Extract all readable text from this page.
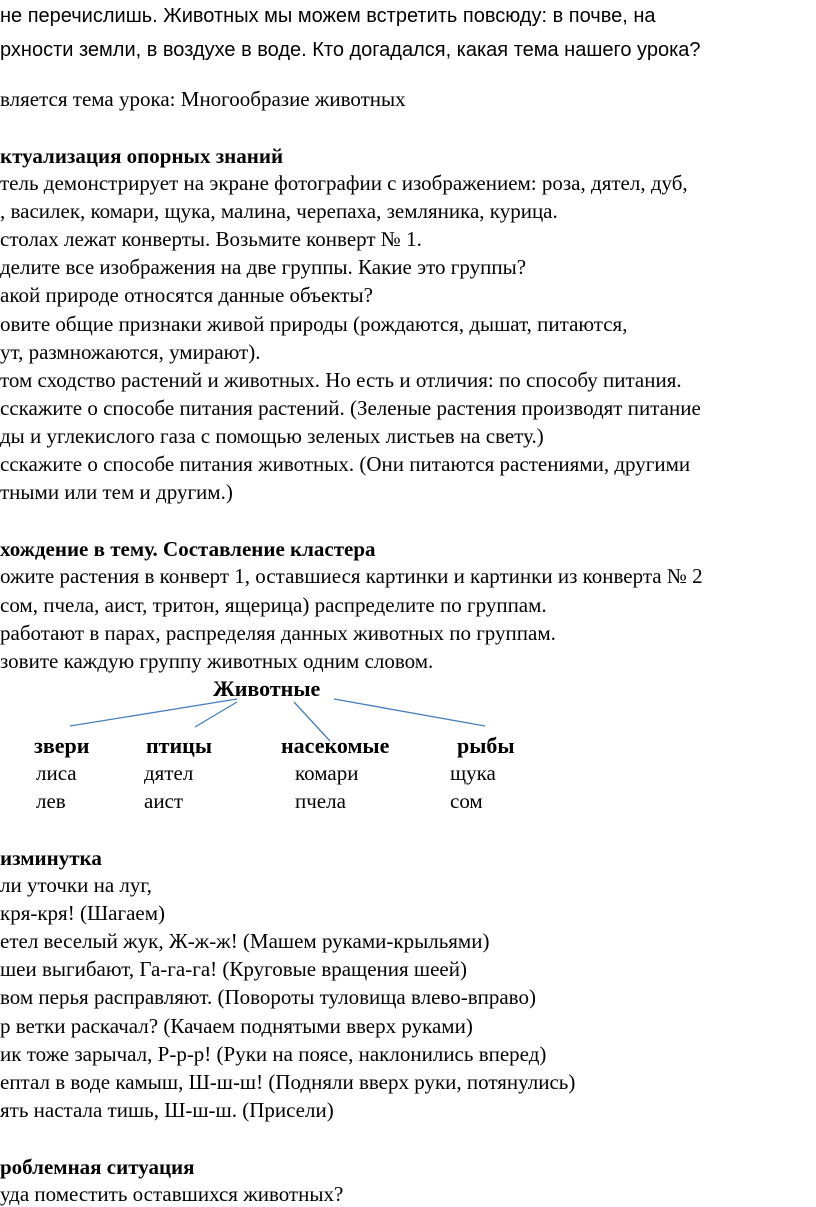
не перечислишь. Животных мы можем встретить повсюду: в почве, на
рхности земли, в воздухе в воде. Кто догадался, какая тема нашего урока?
вляется тема урока: Многообразие животных
ктуализация опорных знаний
тель демонстрирует на экране фотографии с изображением: роза, дятел, дуб,
, василек, комари, щука, малина, черепаха, земляника, курица.
столах лежат конверты. Возьмите конверт № 1.
делите все изображения на две группы. Какие это группы?
акой природе относятся данные объекты?
овите общие признаки живой природы (рождаются, дышат, питаются,
ут, размножаются, умирают).
том сходство растений и животных. Но есть и отличия: по способу питания.
сскажите о способе питания растений. (Зеленые растения производят питание
ды и углекислого газа с помощью зеленых листьев на свету.)
сскажите о способе питания животных. (Они питаются растениями, другими
тными или тем и другим.)
хождение в тему. Составление кластера
ожите растения в конверт 1, оставшиеся картинки и картинки из конверта № 2
сом, пчела, аист, тритон, ящерица) распределите по группам.
работают в парах, распределяя данных животных по группам.
зовите каждую группу животных одним словом.
Животные
звери	птицы	насекомые	рыбы
лиса	дятел	комари	щука
лев	аист	пчела	сом
изминутка
ли уточки на луг,
кря-кря! (Шагаем)
етел веселый жук, Ж-ж-ж! (Машем руками-крыльями)
шеи выгибают, Га-га-га! (Круговые вращения шеей)
вом перья расправляют. (Повороты туловища влево-вправо)
р ветки раскачал? (Качаем поднятыми вверх руками)
ик тоже зарычал, Р-р-р! (Руки на поясе, наклонились вперед)
ептал в воде камыш, Ш-ш-ш! (Подняли вверх руки, потянулись)
ять настала тишь, Ш-ш-ш. (Присели)
роблемная ситуация
уда поместить оставшихся животных?
